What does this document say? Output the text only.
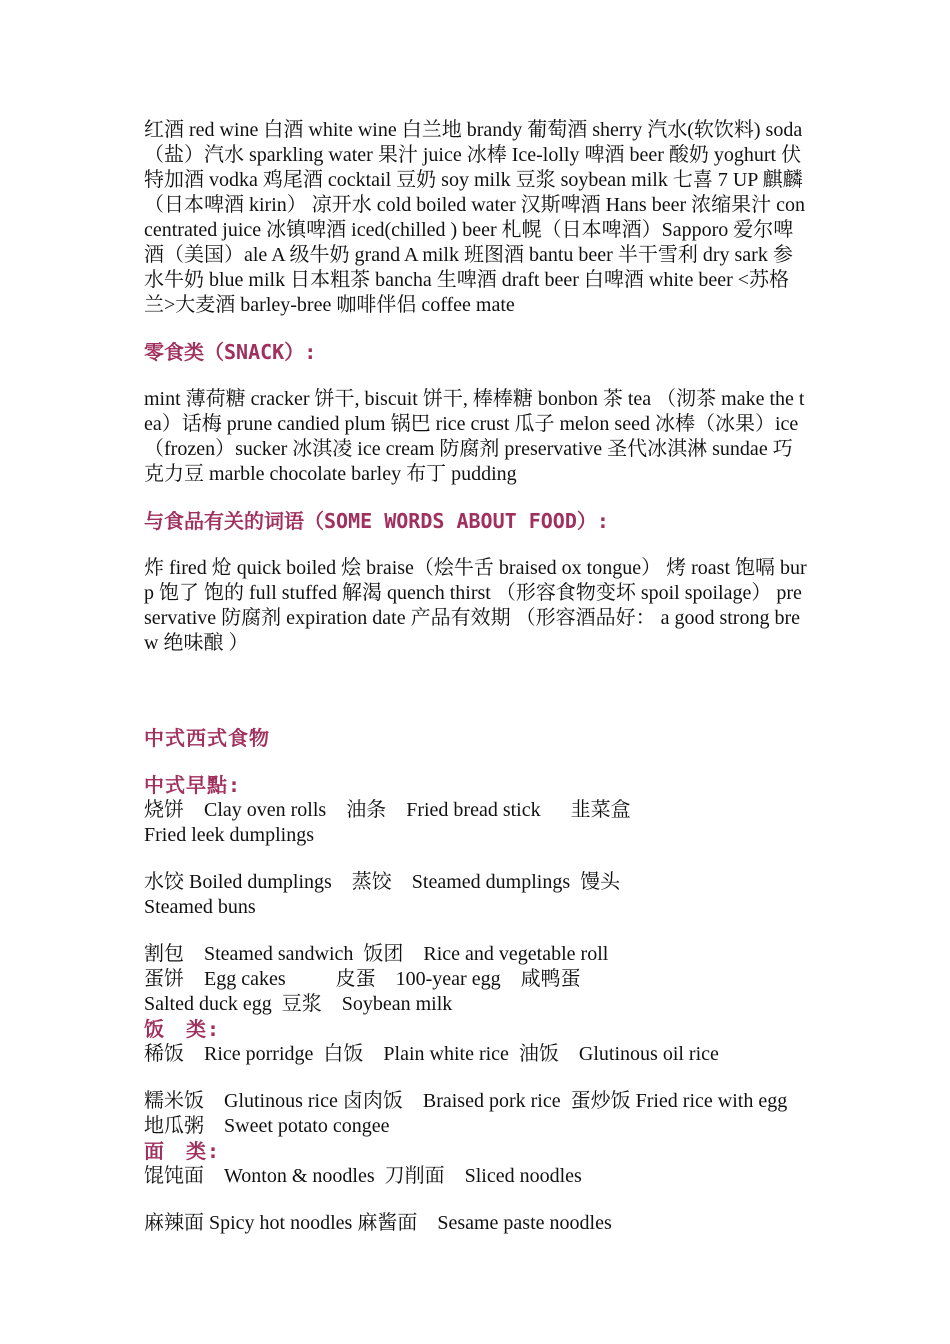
红酒 red wine 白酒 white wine 白兰地 brandy 葡萄酒 sherry 汽水(软饮料) soda （盐）汽水 sparkling water 果汁 juice 冰棒 Ice-lolly 啤酒 beer 酸奶 yoghurt 伏特加酒 vodka 鸡尾酒 cocktail 豆奶 soy milk 豆浆 soybean milk 七喜 7 UP 麒麟（日本啤酒 kirin） 凉开水 cold boiled water 汉斯啤酒 Hans beer 浓缩果汁 concentrated juice 冰镇啤酒 iced(chilled ) beer 札幌（日本啤酒）Sapporo 爱尔啤酒（美国）ale A 级牛奶 grand A milk 班图酒 bantu beer 半干雪利 dry sark 参水牛奶 blue milk 日本粗茶 bancha 生啤酒 draft beer 白啤酒 white beer <苏格兰>大麦酒 barley-bree 咖啡伴侣 coffee mate

零食类（SNACK）:

mint 薄荷糖 cracker 饼干, biscuit 饼干, 棒棒糖 bonbon 茶 tea （沏茶 make the tea）话梅 prune candied plum 锅巴 rice crust 瓜子 melon seed 冰棒（冰果）ice（frozen）sucker 冰淇凌 ice cream 防腐剂 preservative 圣代冰淇淋 sundae 巧克力豆 marble chocolate barley 布丁 pudding

与食品有关的词语（SOME WORDS ABOUT FOOD）:

炸 fired 炝 quick boiled 烩 braise（烩牛舌 braised ox tongue） 烤 roast 饱嗝 burp 饱了 饱的 full stuffed 解渴 quench thirst （形容食物变坏 spoil spoilage） preservative 防腐剂 expiration date 产品有效期 （形容酒品好： a good strong brew 绝味酿 ）

中式西式食物

中式早點:

烧饼　Clay oven rolls　油条　Fried bread stick　  韭菜盒
Fried leek dumplings

水饺 Boiled dumplings　蒸饺　Steamed dumplings  馒头
Steamed buns

割包　Steamed sandwich  饭团　Rice and vegetable roll
蛋饼　Egg cakes　      皮蛋　100-year egg　咸鸭蛋
Salted duck egg  豆浆　Soybean milk

饭　类:

稀饭　Rice porridge  白饭　Plain white rice  油饭　Glutinous oil rice

糯米饭　Glutinous rice 卤肉饭　Braised pork rice  蛋炒饭 Fried rice with egg  地瓜粥　Sweet potato congee

面　类:

馄饨面　Wonton & noodles  刀削面　Sliced noodles

麻辣面 Spicy hot noodles 麻酱面　Sesame paste noodles
